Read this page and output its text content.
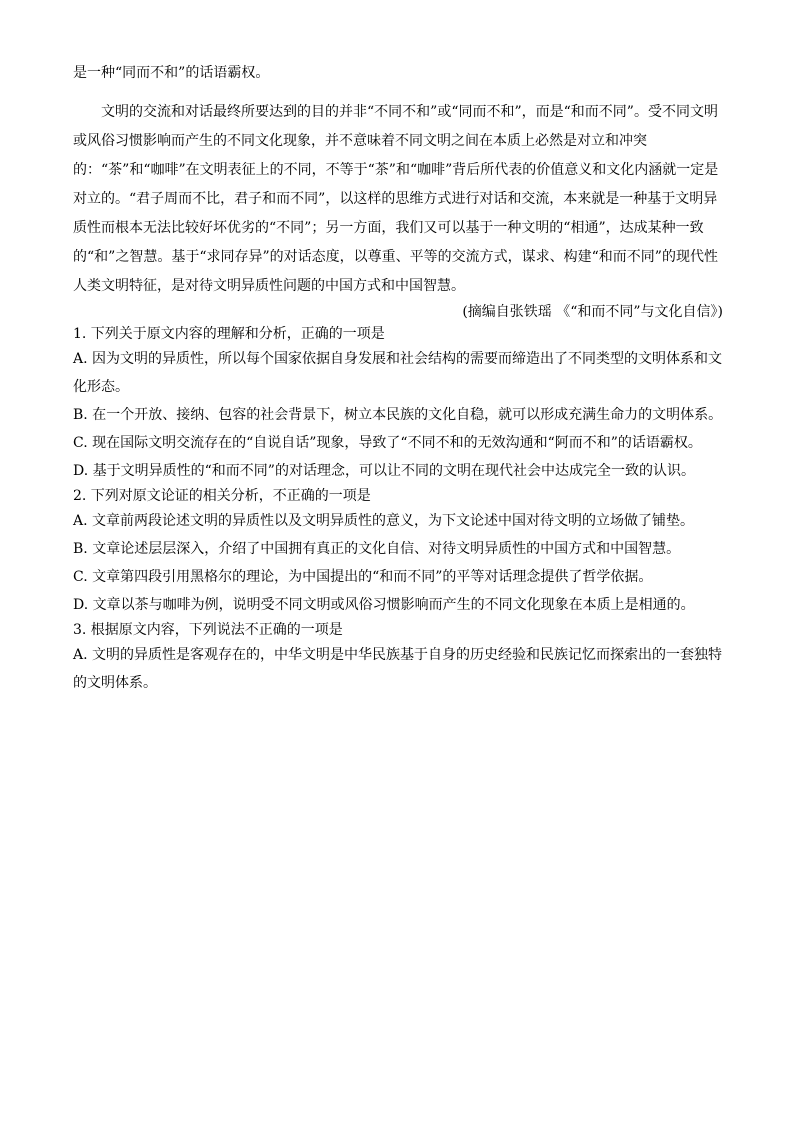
是一种“同而不和”的话语霸权。

文明的交流和对话最终所要达到的目的并非“不同不和”或“同而不和”，而是“和而不同”。受不同文明或风俗习惯影响而产生的不同文化现象，并不意味着不同文明之间在本质上必然是对立和冲突的：“茶”和“咖啡”在文明表征上的不同，不等于“茶”和“咖啡”背后所代表的价值意义和文化内涵就一定是对立的。“君子周而不比，君子和而不同”，以这样的思维方式进行对话和交流，本来就是一种基于文明异质性而根本无法比较好坏优劣的“不同”；另一方面，我们又可以基于一种文明的“相通”，达成某种一致的“和”之智慧。基于“求同存异”的对话态度，以尊重、平等的交流方式，谋求、构建“和而不同”的现代性人类文明特征，是对待文明异质性问题的中国方式和中国智慧。

(摘编自张铁瑶 《“和而不同”与文化自信》)

1. 下列关于原文内容的理解和分析，正确的一项是

A. 因为文明的异质性，所以每个国家依据自身发展和社会结构的需要而缔造出了不同类型的文明体系和文化形态。

B. 在一个开放、接纳、包容的社会背景下，树立本民族的文化自稳，就可以形成充满生命力的文明体系。

C. 现在国际文明交流存在的“自说自话”现象，导致了“不同不和的无效沟通和“阿而不和”的话语霸权。

D. 基于文明异质性的“和而不同”的对话理念，可以让不同的文明在现代社会中达成完全一致的认识。

2. 下列对原文论证的相关分析，不正确的一项是

A. 文章前两段论述文明的异质性以及文明异质性的意义，为下文论述中国对待文明的立场做了铺垫。

B. 文章论述层层深入，介绍了中国拥有真正的文化自信、对待文明异质性的中国方式和中国智慧。

C. 文章第四段引用黑格尔的理论，为中国提出的“和而不同”的平等对话理念提供了哲学依据。

D. 文章以茶与咖啡为例，说明受不同文明或风俗习惯影响而产生的不同文化现象在本质上是相通的。

3. 根据原文内容，下列说法不正确的一项是

A. 文明的异质性是客观存在的，中华文明是中华民族基于自身的历史经验和民族记忆而探索出的一套独特的文明体系。
